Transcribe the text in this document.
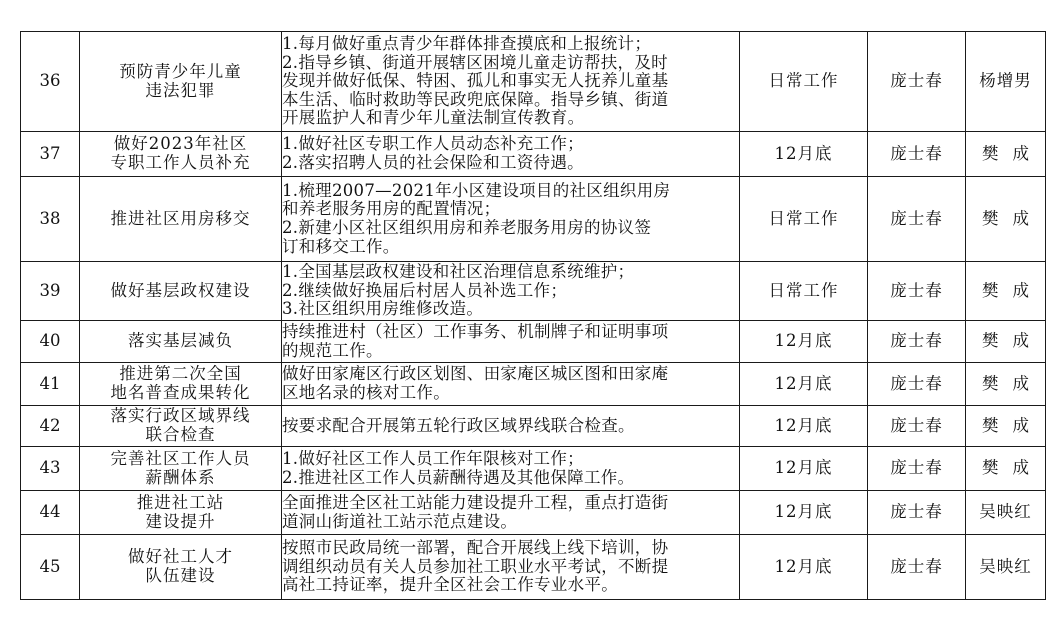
36	预防青少年儿童
违法犯罪	1.每月做好重点青少年群体排查摸底和上报统计；
2.指导乡镇、街道开展辖区困境儿童走访帮扶，及时
发现并做好低保、特困、孤儿和事实无人抚养儿童基
本生活、临时救助等民政兜底保障。指导乡镇、街道
开展监护人和青少年儿童法制宣传教育。	日常工作	庞士春	杨增男
37	做好2023年社区
专职工作人员补充	1.做好社区专职工作人员动态补充工作；
2.落实招聘人员的社会保险和工资待遇。	12月底	庞士春	樊成
38	推进社区用房移交	1.梳理2007—2021年小区建设项目的社区组织用房
和养老服务用房的配置情况；
2.新建小区社区组织用房和养老服务用房的协议签
订和移交工作。	日常工作	庞士春	樊成
39	做好基层政权建设	1.全国基层政权建设和社区治理信息系统维护；
2.继续做好换届后村居人员补选工作；
3.社区组织用房维修改造。	日常工作	庞士春	樊成
40	落实基层减负	持续推进村（社区）工作事务、机制牌子和证明事项
的规范工作。	12月底	庞士春	樊成
41	推进第二次全国
地名普查成果转化	做好田家庵区行政区划图、田家庵区城区图和田家庵
区地名录的核对工作。	12月底	庞士春	樊成
42	落实行政区域界线
联合检查	按要求配合开展第五轮行政区域界线联合检查。	12月底	庞士春	樊成
43	完善社区工作人员
薪酬体系	1.做好社区工作人员工作年限核对工作；
2.推进社区工作人员薪酬待遇及其他保障工作。	12月底	庞士春	樊成
44	推进社工站
建设提升	全面推进全区社工站能力建设提升工程，重点打造街
道洞山街道社工站示范点建设。	12月底	庞士春	吴映红
45	做好社工人才
队伍建设	按照市民政局统一部署，配合开展线上线下培训，协
调组织动员有关人员参加社工职业水平考试，不断提
高社工持证率，提升全区社会工作专业水平。	12月底	庞士春	吴映红
